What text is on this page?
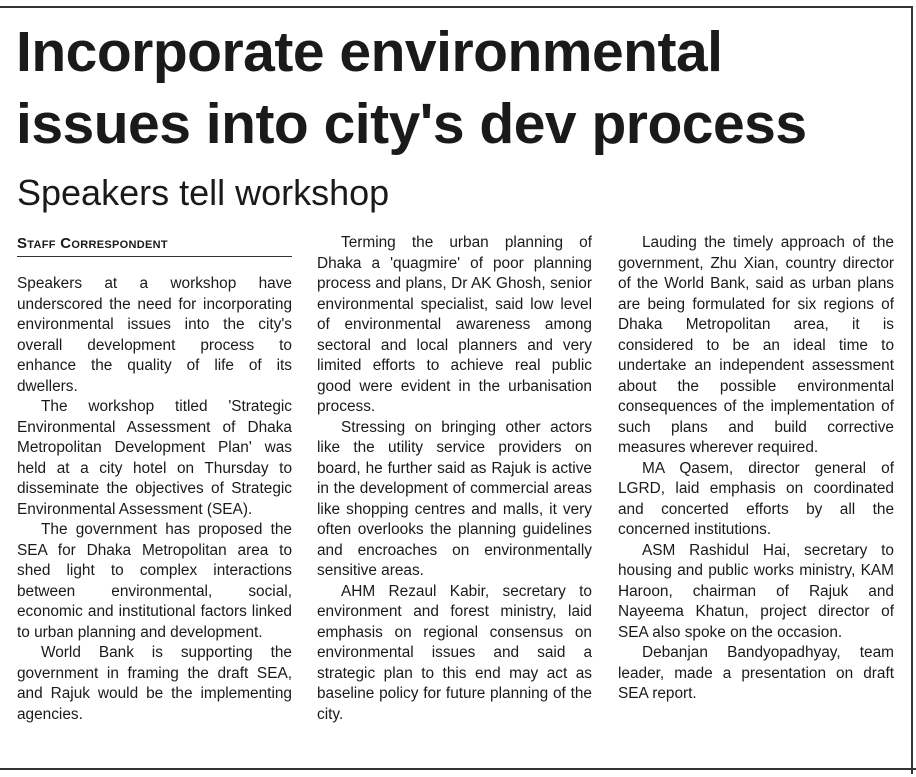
Incorporate environmental issues into city's dev process
Speakers tell workshop
Staff Correspondent

Speakers at a workshop have underscored the need for incorporating environmental issues into the city's overall development process to enhance the quality of life of its dwellers.

The workshop titled 'Strategic Environmental Assessment of Dhaka Metropolitan Development Plan' was held at a city hotel on Thursday to disseminate the objectives of Strategic Environmental Assessment (SEA).

The government has proposed the SEA for Dhaka Metropolitan area to shed light to complex interactions between environmental, social, economic and institutional factors linked to urban planning and development.

World Bank is supporting the government in framing the draft SEA, and Rajuk would be the implementing agencies.

Terming the urban planning of Dhaka a 'quagmire' of poor planning process and plans, Dr AK Ghosh, senior environmental specialist, said low level of environmental awareness among sectoral and local planners and very limited efforts to achieve real public good were evident in the urbanisation process.

Stressing on bringing other actors like the utility service providers on board, he further said as Rajuk is active in the development of commercial areas like shopping centres and malls, it very often overlooks the planning guidelines and encroaches on environmentally sensitive areas.

AHM Rezaul Kabir, secretary to environment and forest ministry, laid emphasis on regional consensus on environmental issues and said a strategic plan to this end may act as baseline policy for future planning of the city.

Lauding the timely approach of the government, Zhu Xian, country director of the World Bank, said as urban plans are being formulated for six regions of Dhaka Metropolitan area, it is considered to be an ideal time to undertake an independent assessment about the possible environmental consequences of the implementation of such plans and build corrective measures wherever required.

MA Qasem, director general of LGRD, laid emphasis on coordinated and concerted efforts by all the concerned institutions.

ASM Rashidul Hai, secretary to housing and public works ministry, KAM Haroon, chairman of Rajuk and Nayeema Khatun, project director of SEA also spoke on the occasion.

Debanjan Bandyopadhyay, team leader, made a presentation on draft SEA report.
